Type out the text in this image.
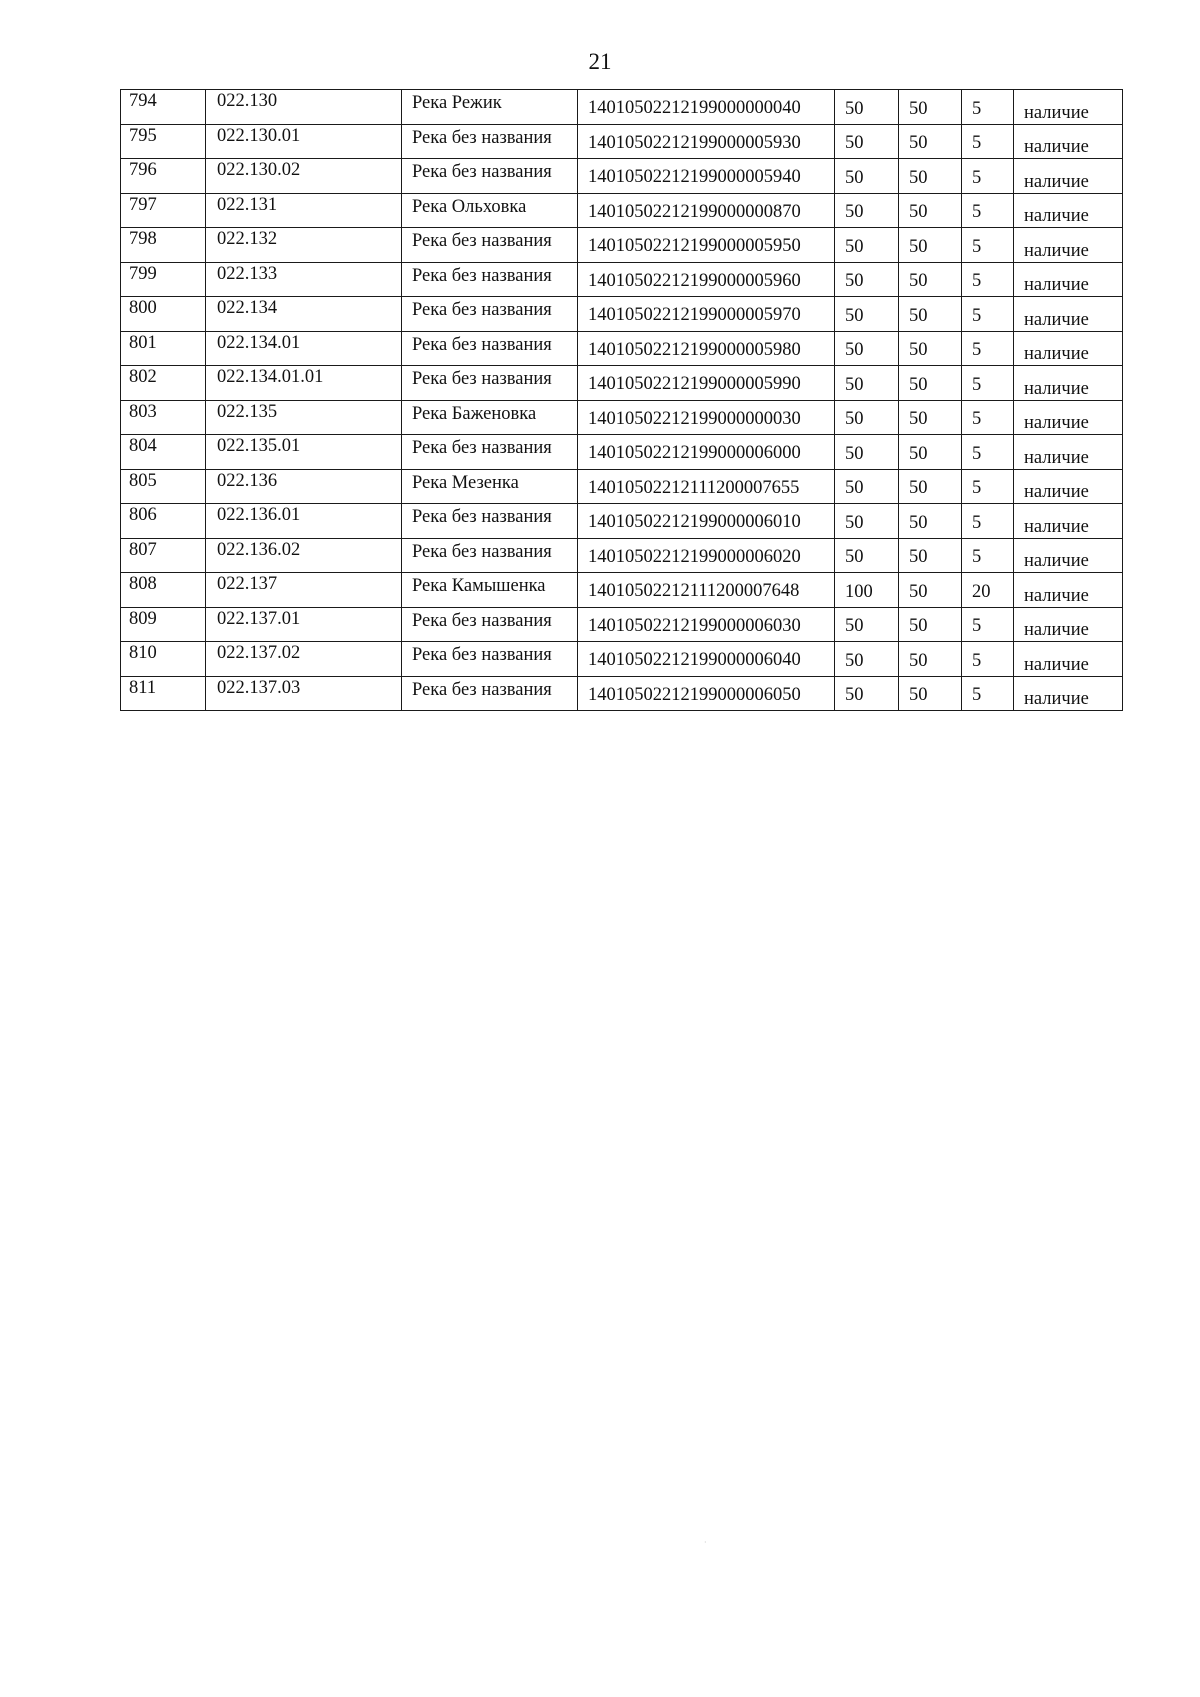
21
794	022.130	Река Режик	14010502212199000000040	50	50	5	наличие
795	022.130.01	Река без названия	14010502212199000005930	50	50	5	наличие
796	022.130.02	Река без названия	14010502212199000005940	50	50	5	наличие
797	022.131	Река Ольховка	14010502212199000000870	50	50	5	наличие
798	022.132	Река без названия	14010502212199000005950	50	50	5	наличие
799	022.133	Река без названия	14010502212199000005960	50	50	5	наличие
800	022.134	Река без названия	14010502212199000005970	50	50	5	наличие
801	022.134.01	Река без названия	14010502212199000005980	50	50	5	наличие
802	022.134.01.01	Река без названия	14010502212199000005990	50	50	5	наличие
803	022.135	Река Баженовка	14010502212199000000030	50	50	5	наличие
804	022.135.01	Река без названия	14010502212199000006000	50	50	5	наличие
805	022.136	Река Мезенка	14010502212111200007655	50	50	5	наличие
806	022.136.01	Река без названия	14010502212199000006010	50	50	5	наличие
807	022.136.02	Река без названия	14010502212199000006020	50	50	5	наличие
808	022.137	Река Камышенка	14010502212111200007648	100	50	20	наличие
809	022.137.01	Река без названия	14010502212199000006030	50	50	5	наличие
810	022.137.02	Река без названия	14010502212199000006040	50	50	5	наличие
811	022.137.03	Река без названия	14010502212199000006050	50	50	5	наличие
·
